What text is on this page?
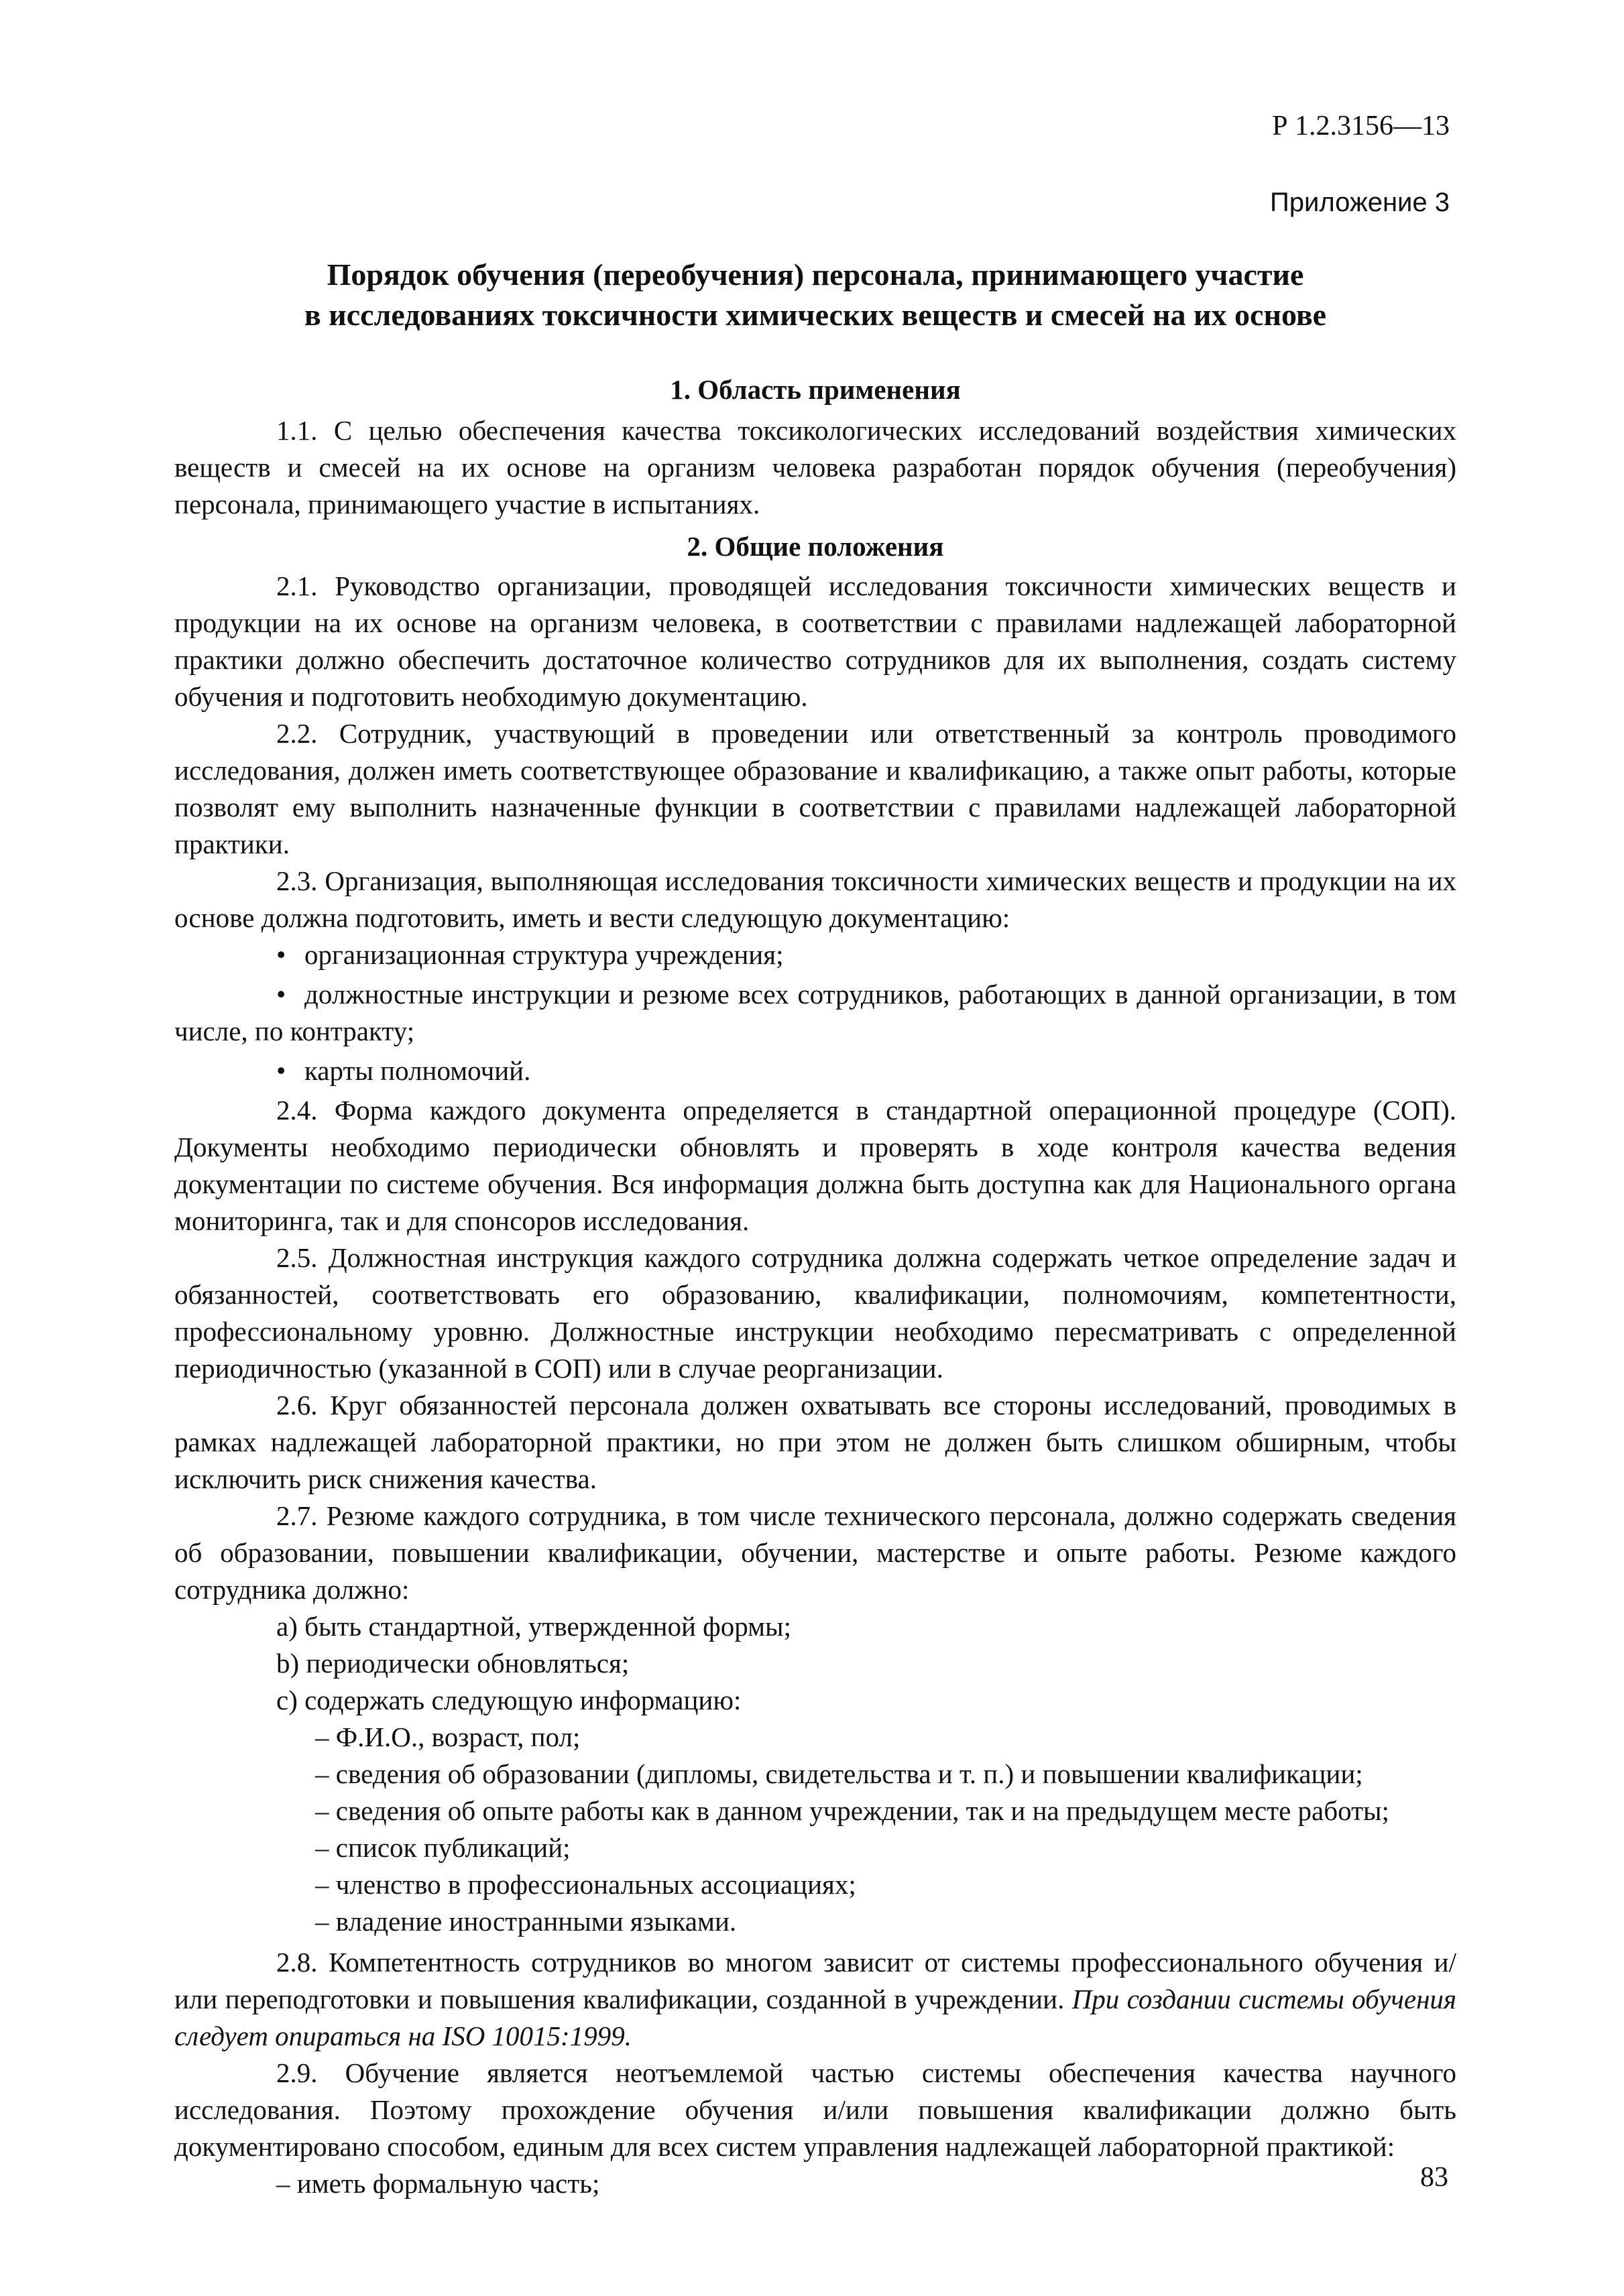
Р 1.2.3156—13
Приложение 3
Порядок обучения (переобучения) персонала, принимающего участие
в исследованиях токсичности химических веществ и смесей на их основе
1. Область применения

1.1. С целью обеспечения качества токсикологических исследований воздействия химических веществ и смесей на их основе на организм человека разработан порядок обучения (переобучения) персонала, принимающего участие в испытаниях.

2. Общие положения

2.1. Руководство организации, проводящей исследования токсичности химических веществ и продукции на их основе на организм человека, в соответствии с правилами надлежащей лабораторной практики должно обеспечить достаточное количество сотрудников для их выполнения, создать систему обучения и подготовить необходимую документацию.

2.2. Сотрудник, участвующий в проведении или ответственный за контроль проводимого исследования, должен иметь соответствующее образование и квалификацию, а также опыт работы, которые позволят ему выполнить назначенные функции в соответствии с правилами надлежащей лабораторной практики.

2.3. Организация, выполняющая исследования токсичности химических веществ и продукции на их основе должна подготовить, иметь и вести следующую документацию:

• организационная структура учреждения;

• должностные инструкции и резюме всех сотрудников, работающих в данной организации, в том числе, по контракту;

• карты полномочий.

2.4. Форма каждого документа определяется в стандартной операционной процедуре (СОП). Документы необходимо периодически обновлять и проверять в ходе контроля качества ведения документации по системе обучения. Вся информация должна быть доступна как для Национального органа мониторинга, так и для спонсоров исследования.

2.5. Должностная инструкция каждого сотрудника должна содержать четкое определение задач и обязанностей, соответствовать его образованию, квалификации, полномочиям, компетентности, профессиональному уровню. Должностные инструкции необходимо пересматривать с определенной периодичностью (указанной в СОП) или в случае реорганизации.

2.6. Круг обязанностей персонала должен охватывать все стороны исследований, проводимых в рамках надлежащей лабораторной практики, но при этом не должен быть слишком обширным, чтобы исключить риск снижения качества.

2.7. Резюме каждого сотрудника, в том числе технического персонала, должно содержать сведения об образовании, повышении квалификации, обучении, мастерстве и опыте работы. Резюме каждого сотрудника должно:

а) быть стандартной, утвержденной формы;

b) периодически обновляться;

с) содержать следующую информацию:

– Ф.И.О., возраст, пол;

– сведения об образовании (дипломы, свидетельства и т. п.) и повышении квалификации;

– сведения об опыте работы как в данном учреждении, так и на предыдущем месте работы;

– список публикаций;

– членство в профессиональных ассоциациях;

– владение иностранными языками.

2.8. Компетентность сотрудников во многом зависит от системы профессионального обучения и/или переподготовки и повышения квалификации, созданной в учреждении. При создании системы обучения следует опираться на ISO 10015:1999.

2.9. Обучение является неотъемлемой частью системы обеспечения качества научного исследования. Поэтому прохождение обучения и/или повышения квалификации должно быть документировано способом, единым для всех систем управления надлежащей лабораторной практикой:

– иметь формальную часть;	83
